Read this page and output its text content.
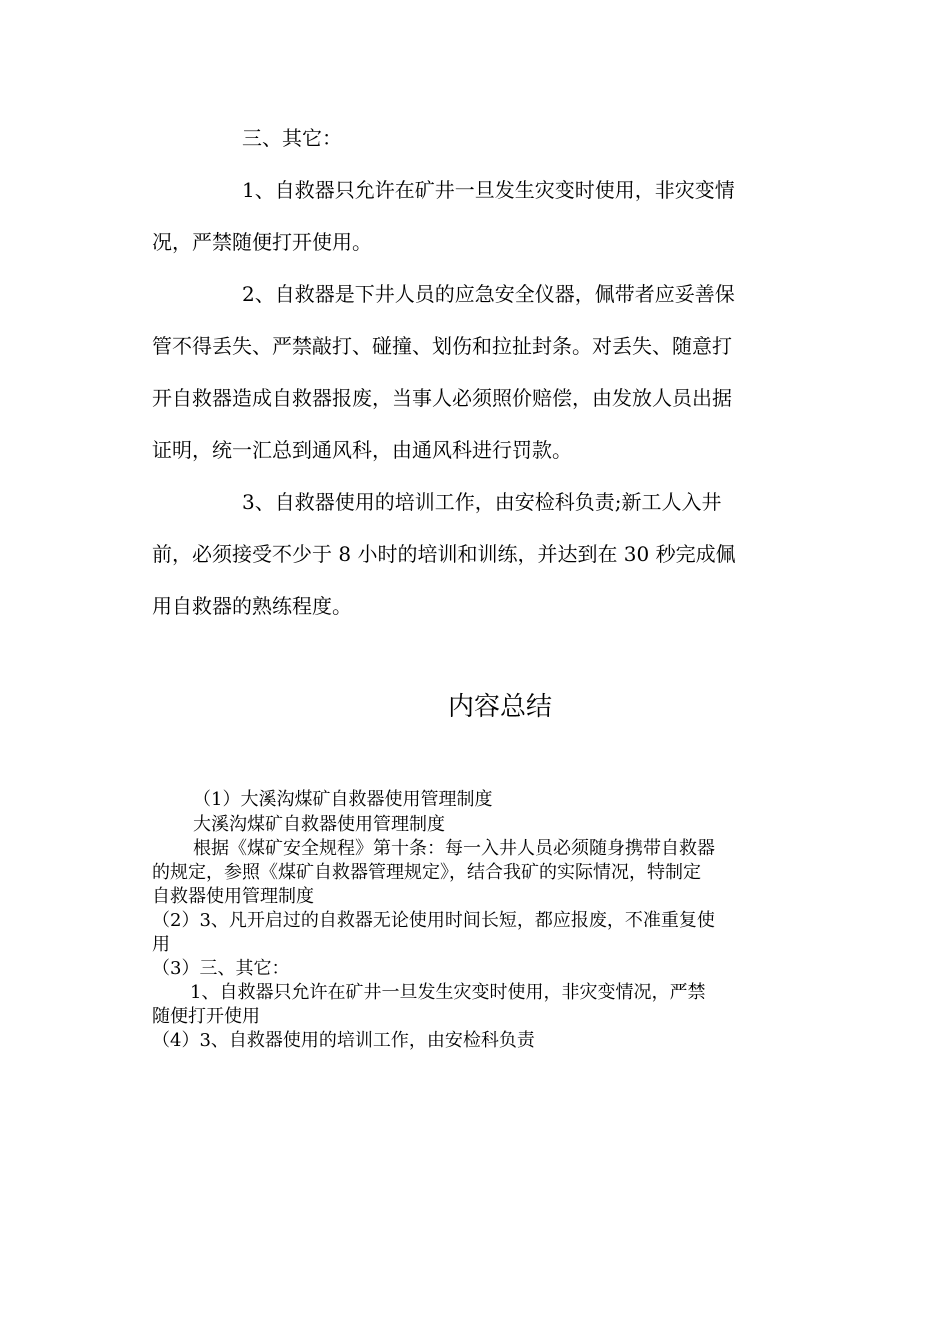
三、其它：

1、自救器只允许在矿井一旦发生灾变时使用，非灾变情

况，严禁随便打开使用。

2、自救器是下井人员的应急安全仪器，佩带者应妥善保

管不得丢失、严禁敲打、碰撞、划伤和拉扯封条。对丢失、随意打

开自救器造成自救器报废，当事人必须照价赔偿，由发放人员出据

证明，统一汇总到通风科，由通风科进行罚款。

3、自救器使用的培训工作，由安检科负责;新工人入井

前，必须接受不少于 8 小时的培训和训练，并达到在 30 秒完成佩

用自救器的熟练程度。

内容总结

（1）大溪沟煤矿自救器使用管理制度

大溪沟煤矿自救器使用管理制度

根据《煤矿安全规程》第十条：每一入井人员必须随身携带自救器

的规定，参照《煤矿自救器管理规定》，结合我矿的实际情况，特制定

自救器使用管理制度

（2）3、凡开启过的自救器无论使用时间长短，都应报废，不准重复使

用

（3）三、其它：

1、自救器只允许在矿井一旦发生灾变时使用，非灾变情况，严禁

随便打开使用

（4）3、自救器使用的培训工作，由安检科负责
